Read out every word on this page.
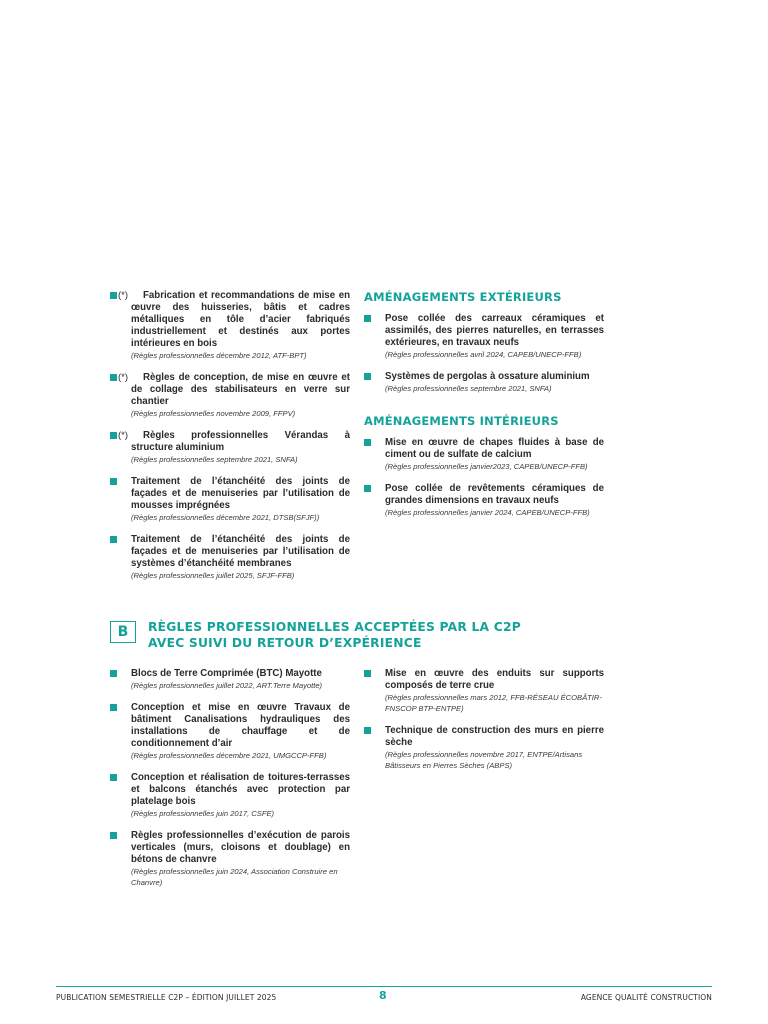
(*)	Fabrication et recommandations de mise en œuvre des huisseries, bâtis et cadres métalliques en tôle d’acier fabriqués industriellement et destinés aux portes intérieures en bois

(Règles professionnelles décembre 2012, ATF-BPT)

(*)	Règles de conception, de mise en œuvre et de collage des stabilisateurs en verre sur chantier

(Règles professionnelles novembre 2009, FFPV)

(*)	Règles professionnelles Vérandas à structure aluminium

(Règles professionnelles septembre 2021, SNFA)

Traitement de l’étanchéité des joints de façades et de menuiseries par l’utilisation de mousses imprégnées

(Règles professionnelles décembre 2021, DTSB(SFJF))

Traitement de l’étanchéité des joints de façades et de menuiseries par l’utilisation de systèmes d’étanchéité membranes

(Règles professionnelles juillet 2025, SFJF-FFB)

AMÉNAGEMENTS EXTÉRIEURS

Pose collée des carreaux céramiques et assimilés, des pierres naturelles, en terrasses extérieures, en travaux neufs

(Règles professionnelles avril 2024, CAPEB/UNECP-FFB)

Systèmes de pergolas à ossature aluminium

(Règles professionnelles septembre 2021, SNFA)

AMÉNAGEMENTS INTÉRIEURS

Mise en œuvre de chapes fluides à base de ciment ou de sulfate de calcium

(Règles professionnelles janvier2023, CAPEB/UNECP-FFB)

Pose collée de revêtements céramiques de grandes dimensions en travaux neufs

(Règles professionnelles janvier 2024, CAPEB/UNECP-FFB)

B	RÈGLES PROFESSIONNELLES ACCEPTÉES PAR LA C2P
AVEC SUIVI DU RETOUR D’EXPÉRIENCE

Blocs de Terre Comprimée (BTC) Mayotte

(Règles professionnelles juillet 2022, ART.Terre Mayotte)

Conception et mise en œuvre Travaux de bâtiment Canalisations hydrauliques des installations de chauffage et de conditionnement d’air

(Règles professionnelles décembre 2021, UMGCCP-FFB)

Conception et réalisation de toitures-terrasses et balcons étanchés avec protection par platelage bois

(Règles professionnelles juin 2017, CSFE)

Règles professionnelles d’exécution de parois verticales (murs, cloisons et doublage) en bétons de chanvre

(Règles professionnelles juin 2024, Association Construire en Chanvre)

Mise en œuvre des enduits sur supports composés de terre crue

(Règles professionnelles mars 2012, FFB-RÉSEAU ÉCOBÂTIR-FNSCOP BTP-ENTPE)

Technique de construction des murs en pierre sèche

(Règles professionnelles novembre 2017, ENTPE/Artisans Bâtisseurs en Pierres Sèches (ABPS)

PUBLICATION SEMESTRIELLE C2P – ÉDITION JUILLET 2025	8	AGENCE QUALITÉ CONSTRUCTION
